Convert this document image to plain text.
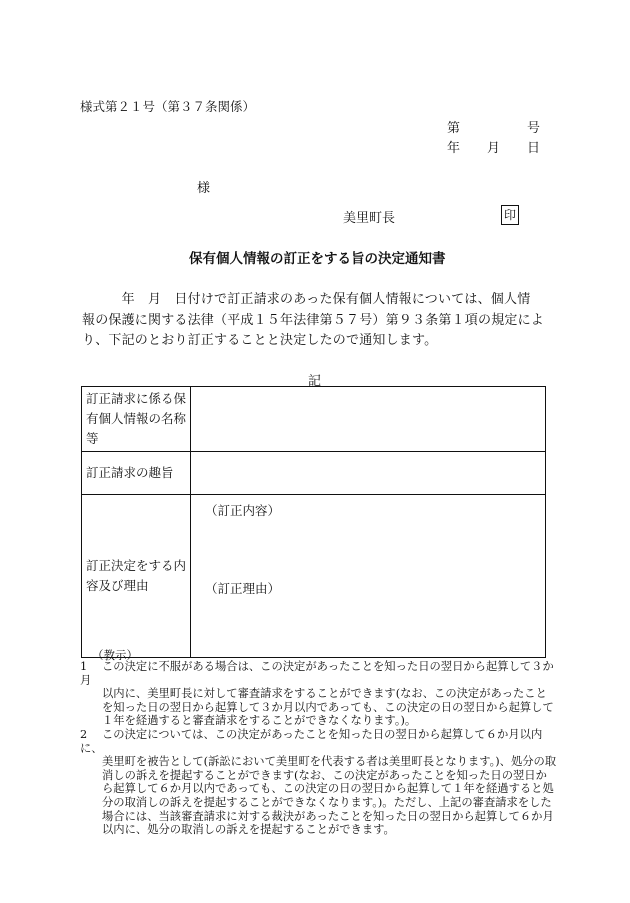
様式第２１号（第３７条関係）
第	号
年 月 日
様
美里町長	印
保有個人情報の訂正をする旨の決定通知書

　　　年　月　日付けで訂正請求のあった保有個人情報については、個人情

報の保護に関する法律（平成１５年法律第５７号）第９３条第１項の規定によ

り、下記のとおり訂正することと決定したので通知します。

記
訂正請求に係る保有個人情報の名称等	
訂正請求の趣旨	
訂正決定をする内容及び理由	（訂正内容）
（訂正理由）
（教示）
1 この決定に不服がある場合は、この決定があったことを知った日の翌日から起算して３か月
以内に、美里町長に対して審査請求をすることができます(なお、この決定があったことを知った日の翌日から起算して３か月以内であっても、この決定の日の翌日から起算して１年を経過すると審査請求をすることができなくなります。)。
2 この決定については、この決定があったことを知った日の翌日から起算して６か月以内に、
美里町を被告として(訴訟において美里町を代表する者は美里町長となります。)、処分の取消しの訴えを提起することができます(なお、この決定があったことを知った日の翌日から起算して６か月以内であっても、この決定の日の翌日から起算して１年を経過すると処分の取消しの訴えを提起することができなくなります。)。ただし、上記の審査請求をした場合には、当該審査請求に対する裁決があったことを知った日の翌日から起算して６か月以内に、処分の取消しの訴えを提起することができます。
